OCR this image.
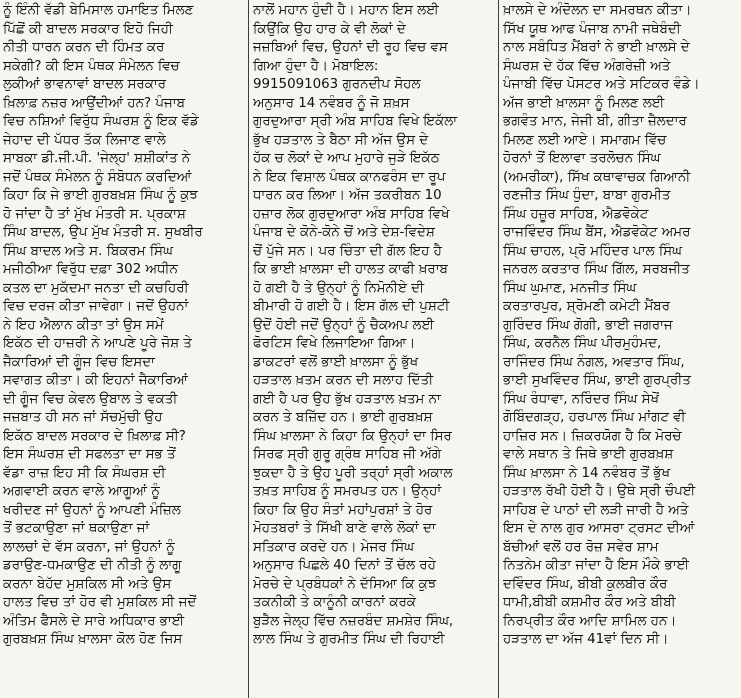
ਨੂੰ ਇੰਨੀ ਵੱਡੀ ਬੇਮਿਸਾਲ ਹਮਾਇਤ ਮਿਲਣ
ਪਿੱਛੋਂ ਕੀ ਬਾਦਲ ਸਰਕਾਰ ਇਹੋ ਜਿਹੀ
ਨੀਤੀ ਧਾਰਨ ਕਰਨ ਦੀ ਹਿੰਮਤ ਕਰ
ਸਕੇਗੀ? ਕੀ ਇਸ ਪੰਥਕ ਸੰਮੇਲਨ ਵਿਚ
ਲੁਕੀਆਂ ਭਾਵਨਾਵਾਂ ਬਾਦਲ ਸਰਕਾਰ
ਖ਼ਿਲਾਫ਼ ਨਜ਼ਰ ਆਉਂਦੀਆਂ ਹਨ? ਪੰਜਾਬ
ਵਿਚ ਨਸ਼ਿਆਂ ਵਿਰੁੱਧ ਸੰਘਰਸ਼ ਨੂੰ ਇਕ ਵੱਡੇ
ਜੇਹਾਦ ਦੀ ਪੱਧਰ ਤੱਕ ਲਿਜਾਣ ਵਾਲੇ
ਸਾਬਕਾ ਡੀ.ਜੀ.ਪੀ. 'ਜੇਲ੍ਹ' ਸ਼ਸ਼ੀਕਾਂਤ ਨੇ
ਜਦੋਂ ਪੰਥਕ ਸੰਮੇਲਨ ਨੂੰ ਸੰਬੋਧਨ ਕਰਦਿਆਂ
ਕਿਹਾ ਕਿ ਜੇ ਭਾਈ ਗੁਰਬਖ਼ਸ਼ ਸਿੰਘ ਨੂੰ ਕੁਝ
ਹੋ ਜਾਂਦਾ ਹੈ ਤਾਂ ਮੁੱਖ ਮੰਤਰੀ ਸ. ਪ੍ਰਕਾਸ਼
ਸਿੰਘ ਬਾਦਲ, ਉਪ ਮੁੱਖ ਮੰਤਰੀ ਸ. ਸੁਖਬੀਰ
ਸਿੰਘ ਬਾਦਲ ਅਤੇ ਸ. ਬਿਕਰਮ ਸਿੰਘ
ਮਜੀਠੀਆ ਵਿਰੁੱਧ ਦਫ਼ਾ 302 ਅਧੀਨ
ਕਤਲ ਦਾ ਮੁਕੱਦਮਾ ਜਨਤਾ ਦੀ ਕਚਹਿਰੀ
ਵਿਚ ਦਰਜ ਕੀਤਾ ਜਾਵੇਗਾ। ਜਦੋਂ ਉਹਨਾਂ
ਨੇ ਇਹ ਐਲਾਨ ਕੀਤਾ ਤਾਂ ਉਸ ਸਮੇਂ
ਇਕੱਠ ਦੀ ਹਾਜ਼ਰੀ ਨੇ ਆਪਣੇ ਪੂਰੇ ਜੋਸ਼ ਤੇ
ਜੈਕਾਰਿਆਂ ਦੀ ਗੂੰਜ ਵਿਚ ਇਸਦਾ
ਸਵਾਗਤ ਕੀਤਾ। ਕੀ ਇਹਨਾਂ ਜੈਕਾਰਿਆਂ
ਦੀ ਗੂੰਜ ਵਿਚ ਕੇਵਲ ਉਬਾਲ ਤੇ ਵਕਤੀ
ਜਜ਼ਬਾਤ ਹੀ ਸਨ ਜਾਂ ਸੱਚਮੁੱਚੀ ਉਹ
ਇਕੱਠ ਬਾਦਲ ਸਰਕਾਰ ਦੇ ਖ਼ਿਲਾਫ਼ ਸੀ?
ਇਸ ਸੰਘਰਸ਼ ਦੀ ਸਫਲਤਾ ਦਾ ਸਭ ਤੋਂ
ਵੱਡਾ ਰਾਜ਼ ਇਹ ਸੀ ਕਿ ਸੰਘਰਸ਼ ਦੀ
ਅਗਵਾਈ ਕਰਨ ਵਾਲੇ ਆਗੂਆਂ ਨੂੰ
ਖਰੀਦਣ ਜਾਂ ਉਹਨਾਂ ਨੂੰ ਆਪਣੀ ਮੰਜ਼ਿਲ
ਤੋਂ ਭਟਕਾਉਣਾ ਜਾਂ ਥਕਾਉਣਾ ਜਾਂ
ਲਾਲਚਾਂ ਦੇ ਵੱਸ ਕਰਨਾ, ਜਾਂ ਉਹਨਾਂ ਨੂੰ
ਡਰਾਉਣ-ਧਮਕਾਉਣ ਦੀ ਨੀਤੀ ਨੂੰ ਲਾਗੂ
ਕਰਨਾ ਬੇਹੱਦ ਮੁਸ਼ਕਿਲ ਸੀ ਅਤੇ ਉਸ
ਹਾਲਤ ਵਿਚ ਤਾਂ ਹੋਰ ਵੀ ਮੁਸ਼ਕਿਲ ਸੀ ਜਦੋਂ
ਅੰਤਿਮ ਫੈਸਲੇ ਦੇ ਸਾਰੇ ਅਧਿਕਾਰ ਭਾਈ
ਗੁਰਬਖ਼ਸ਼ ਸਿੰਘ ਖ਼ਾਲਸਾ ਕੋਲ ਹੋਣ ਜਿਸ
ਨਾਲੋਂ ਮਹਾਨ ਹੁੰਦੀ ਹੈ। ਮਹਾਨ ਇਸ ਲਈ
ਕਿਉਂਕਿ ਉਹ ਹਾਰ ਕੇ ਵੀ ਲੋਕਾਂ ਦੇ
ਜਜ਼ਬਿਆਂ ਵਿਚ, ਉਹਨਾਂ ਦੀ ਰੂਹ ਵਿਚ ਵਸ
ਗਿਆ ਹੁੰਦਾ ਹੈ। ਮੋਬਾਇਲ:
9915091063 ਗੁਰਨਦੀਪ ਸੋਹਲ
ਅਨੁਸਾਰ 14 ਨਵੰਬਰ ਨੂੰ ਜੋ ਸ਼ਖ਼ਸ
ਗੁਰਦੁਆਰਾ ਸ੍ਰੀ ਅੰਬ ਸਾਹਿਬ ਵਿਖੇ ਇਕੱਲਾ
ਭੁੱਖ ਹੜਤਾਲ ਤੇ ਬੈਠਾ ਸੀ ਅੱਜ ਉਸ ਦੇ
ਹੱਕ ਚ ਲੋਕਾਂ ਦੇ ਆਪ ਮੁਹਾਰੇ ਜੁੜੇ ਇਕੱਠ
ਨੇ ਇਕ ਵਿਸ਼ਾਲ ਪੰਥਕ ਕਾਨਫਰੰਸ ਦਾ ਰੂਪ
ਧਾਰਨ ਕਰ ਲਿਆ। ਅੱਜ ਤਕਰੀਬਨ 10
ਹਜ਼ਾਰ ਲੋਕ ਗੁਰਦੁਆਰਾ ਅੰਬ ਸਾਹਿਬ ਵਿਖੇ
ਪੰਜਾਬ ਦੇ ਕੋਨੇ-ਕੋਨੇ ਚੋਂ ਅਤੇ ਦੇਸ਼-ਵਿਦੇਸ਼
ਚੋਂ ਪੁੱਜੇ ਸਨ। ਪਰ ਚਿੰਤਾ ਦੀ ਗੱਲ ਇਹ ਹੈ
ਕਿ ਭਾਈ ਖ਼ਾਲਸਾ ਦੀ ਹਾਲਤ ਕਾਫੀ ਖ਼ਰਾਬ
ਹੋ ਗਈ ਹੈ ਤੇ ਉਨ੍ਹਾਂ ਨੂੰ ਨਿਮੋਨੀਏ ਦੀ
ਬੀਮਾਰੀ ਹੋ ਗਈ ਹੈ। ਇਸ ਗੱਲ ਦੀ ਪੁਸ਼ਟੀ
ਉਦੋਂ ਹੋਈ ਜਦੋਂ ਉਨ੍ਹਾਂ ਨੂੰ ਚੈਕਅਪ ਲਈ
ਫੋਰਟਿਸ ਵਿਖੇ ਲਿਜਾਇਆ ਗਿਆ।
ਡਾਕਟਰਾਂ ਵਲੋਂ ਭਾਈ ਖ਼ਾਲਸਾ ਨੂੰ ਭੁੱਖ
ਹੜਤਾਲ ਖ਼ਤਮ ਕਰਨ ਦੀ ਸਲਾਹ ਦਿੱਤੀ
ਗਈ ਹੈ ਪਰ ਉਹ ਭੁੱਖ ਹੜਤਾਲ ਖ਼ਤਮ ਨਾ
ਕਰਨ ਤੇ ਬਜ਼ਿੱਦ ਹਨ। ਭਾਈ ਗੁਰਬਖ਼ਸ਼
ਸਿੰਘ ਖ਼ਾਲਸਾ ਨੇ ਕਿਹਾ ਕਿ ਉਨ੍ਹਾਂ ਦਾ ਸਿਰ
ਸਿਰਫ ਸ੍ਰੀ ਗੁਰੂ ਗ੍ਰੰਥ ਸਾਹਿਬ ਜੀ ਅੱਗੇ
ਝੁਕਦਾ ਹੈ ਤੇ ਉਹ ਪੂਰੀ ਤਰ੍ਹਾਂ ਸ੍ਰੀ ਅਕਾਲ
ਤਖ਼ਤ ਸਾਹਿਬ ਨੂੰ ਸਮਰਪਤ ਹਨ। ਉਨ੍ਹਾਂ
ਕਿਹਾ ਕਿ ਉਹ ਸੰਤਾਂ ਮਹਾਂਪੁਰਸ਼ਾਂ ਤੇ ਹੋਰ
ਮੋਹਤਬਰਾਂ ਤੇ ਸਿੱਖੀ ਬਾਣੇ ਵਾਲੇ ਲੋਕਾਂ ਦਾ
ਸਤਿਕਾਰ ਕਰਦੇ ਹਨ। ਮੇਜਰ ਸਿੰਘ
ਅਨੁਸਾਰ ਪਿਛਲੇ 40 ਦਿਨਾਂ ਤੋਂ ਚੱਲ ਰਹੇ
ਮੋਰਚੇ ਦੇ ਪ੍ਰਬੰਧਕਾਂ ਨੇ ਦੱਸਿਆ ਕਿ ਕੁਝ
ਤਕਨੀਕੀ ਤੇ ਕਾਨੂੰਨੀ ਕਾਰਨਾਂ ਕਰਕੇ
ਬੁੜੈਲ ਜੇਲ੍ਹ ਵਿੱਚ ਨਜ਼ਰਬੰਦ ਸ਼ਮਸ਼ੇਰ ਸਿੰਘ,
ਲਾਲ ਸਿੰਘ ਤੇ ਗੁਰਮੀਤ ਸਿੰਘ ਦੀ ਰਿਹਾਈ
ਖ਼ਾਲਸੇ ਦੇ ਅੰਦੋਲਨ ਦਾ ਸਮਰਥਨ ਕੀਤਾ।
ਸਿੱਖ ਯੂਥ ਆਫ ਪੰਜਾਬ ਨਾਮੀ ਜਥੇਬੰਦੀ
ਨਾਲ ਸਬੰਧਿਤ ਮੈਂਬਰਾਂ ਨੇ ਭਾਈ ਖ਼ਾਲਸੇ ਦੇ
ਸੰਘਰਸ਼ ਦੇ ਹੱਕ ਵਿੱਚ ਅੰਗਰੇਜ਼ੀ ਅਤੇ
ਪੰਜਾਬੀ ਵਿੱਚ ਪੋਸਟਰ ਅਤੇ ਸਟਿਕਰ ਵੰਡੇ।
ਅੱਜ ਭਾਈ ਖ਼ਾਲਸਾ ਨੂੰ ਮਿਲਣ ਲਈ
ਭਗਵੰਤ ਮਾਨ, ਜੇਜੀ ਬੀ, ਗੀਤਾ ਜ਼ੈਲਦਾਰ
ਮਿਲਣ ਲਈ ਆਏ। ਸਮਾਗਮ ਵਿੱਚ
ਹੋਰਨਾਂ ਤੋਂ ਇਲਾਵਾ ਤਰਲੋਚਨ ਸਿੰਘ
(ਅਮਰੀਕਾ), ਸਿੱਖ ਕਥਾਵਾਚਕ ਗਿਆਨੀ
ਰਣਜੀਤ ਸਿੰਘ ਧੁੰਦਾ, ਬਾਬਾ ਗੁਰਮੀਤ
ਸਿੰਘ ਹਜ਼ੂਰ ਸਾਹਿਬ, ਐਡਵੋਕੇਟ
ਰਾਜਵਿੰਦਰ ਸਿੰਘ ਬੈਂਸ, ਐਡਵੋਕੇਟ ਅਮਰ
ਸਿੰਘ ਚਾਹਲ, ਪ੍ਰੋ ਮਹਿੰਦਰ ਪਾਲ ਸਿੰਘ
ਜਨਰਲ ਕਰਤਾਰ ਸਿੰਘ ਗਿੱਲ, ਸਰਬਜੀਤ
ਸਿੰਘ ਘੁਮਾਣ, ਮਨਜੀਤ ਸਿੰਘ
ਕਰਤਾਰਪੁਰ, ਸ਼੍ਰੋਮਣੀ ਕਮੇਟੀ ਮੈਂਬਰ
ਗੁਰਿੰਦਰ ਸਿੰਘ ਗੋਗੀ, ਭਾਈ ਜਗਰਾਜ
ਸਿੰਘ, ਕਰਨੈਲ ਸਿੰਘ ਪੀਰਮੁਹੰਮਦ,
ਰਾਜਿੰਦਰ ਸਿੰਘ ਨੰਗਲ, ਅਵਤਾਰ ਸਿੰਘ,
ਭਾਈ ਸੁਖਵਿੰਦਰ ਸਿੰਘ, ਭਾਈ ਗੁਰਪ੍ਰੀਤ
ਸਿੰਘ ਰੰਧਾਵਾ, ਨਰਿੰਦਰ ਸਿੰਘ ਸੇਖੋਂ
ਗੋਬਿੰਦਗੜ੍ਹ, ਹਰਪਾਲ ਸਿੰਘ ਮਾਂਗਟ ਵੀ
ਹਾਜ਼ਿਰ ਸਨ। ਜ਼ਿਕਰਯੋਗ ਹੈ ਕਿ ਮੋਰਚੇ
ਵਾਲੇ ਸਥਾਨ ਤੇ ਜਿਥੇ ਭਾਈ ਗੁਰਬਖ਼ਸ਼
ਸਿੰਘ ਖ਼ਾਲਸਾ ਨੇ 14 ਨਵੰਬਰ ਤੋਂ ਭੁੱਖ
ਹੜਤਾਲ ਰੱਖੀ ਹੋਈ ਹੈ। ਉਥੇ ਸ੍ਰੀ ਚੌਪਈ
ਸਾਹਿਬ ਦੇ ਪਾਠਾਂ ਦੀ ਲੜੀ ਜਾਰੀ ਹੈ ਅਤੇ
ਇਸ ਦੇ ਨਾਲ ਗੁਰ ਆਸਰਾ ਟ੍ਰਸਟ ਦੀਆਂ
ਬੱਚੀਆਂ ਵਲੋਂ ਹਰ ਰੋਜ਼ ਸਵੇਰ ਸ਼ਾਮ
ਨਿਤਨੇਮ ਕੀਤਾ ਜਾਂਦਾ ਹੈ ਇਸ ਮੌਕੇ ਭਾਈ
ਦਵਿੰਦਰ ਸਿੰਘ, ਬੀਬੀ ਕੁਲਬੀਰ ਕੌਰ
ਧਾਮੀ,ਬੀਬੀ ਕਸ਼ਮੀਰ ਕੌਰ ਅਤੇ ਬੀਬੀ
ਨਿਰਪ੍ਰੀਤ ਕੌਰ ਆਦਿ ਸ਼ਾਮਿਲ ਹਨ।
ਹੜਤਾਲ ਦਾ ਅੱਜ 41ਵਾਂ ਦਿਨ ਸੀ।
